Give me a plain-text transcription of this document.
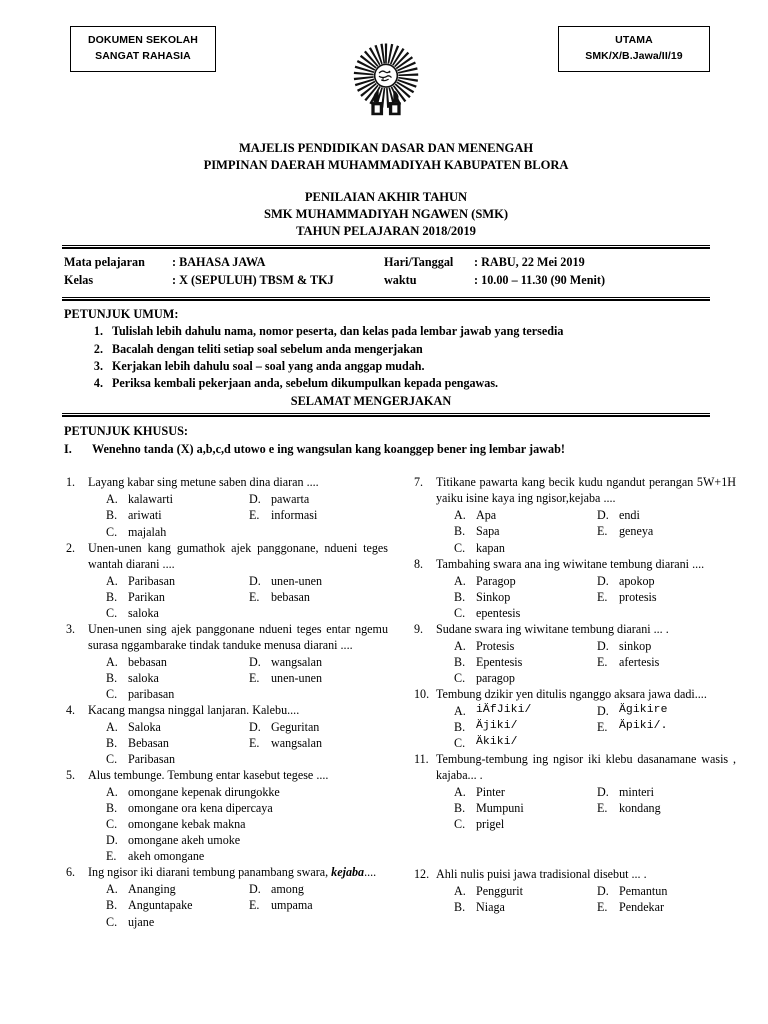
DOKUMEN SEKOLAH
SANGAT RAHASIA
UTAMA
SMK/X/B.Jawa/II/19
MAJELIS PENDIDIKAN DASAR DAN MENENGAH
PIMPINAN DAERAH MUHAMMADIYAH KABUPATEN BLORA
PENILAIAN AKHIR TAHUN
SMK MUHAMMADIYAH NGAWEN (SMK)
TAHUN PELAJARAN 2018/2019
Mata pelajaran	: BAHASA JAWA	Hari/Tanggal	: RABU, 22 Mei 2019
Kelas	: X (SEPULUH) TBSM & TKJ	waktu	: 10.00 – 11.30 (90 Menit)
PETUNJUK UMUM:
1. Tulislah lebih dahulu nama, nomor peserta, dan kelas pada lembar jawab yang tersedia
2. Bacalah dengan teliti setiap soal sebelum anda mengerjakan
3. Kerjakan lebih dahulu soal – soal yang anda anggap mudah.
4. Periksa kembali pekerjaan anda, sebelum dikumpulkan kepada pengawas.
SELAMAT MENGERJAKAN
PETUNJUK KHUSUS:
I.	Wenehno tanda (X) a,b,c,d utowo e ing wangsulan kang koanggep bener ing lembar jawab!
1.	Layang kabar sing metune saben dina diaran ....
A. kalawarti	D. pawarta
B. ariwati	E. informasi
C. majalah
2.	Unen-unen kang gumathok ajek panggonane, ndueni teges wantah diarani ....
A. Paribasan	D. unen-unen
B. Parikan	E. bebasan
C. saloka
3.	Unen-unen sing ajek panggonane ndueni teges entar ngemu surasa nggambarake tindak tanduke menusa diarani ....
A. bebasan	D. wangsalan
B. saloka	E. unen-unen
C. paribasan
4.	Kacang mangsa ninggal lanjaran. Kalebu....
A. Saloka	D. Geguritan
B. Bebasan	E. wangsalan
C. Paribasan
5.	Alus tembunge. Tembung entar kasebut tegese ....
A. omongane kepenak dirungokke
B. omongane ora kena dipercaya
C. omongane kebak makna
D. omongane akeh umoke
E. akeh omongane
6.	Ing ngisor iki diarani tembung panambang swara, kejaba....
A. Ananging	D. among
B. Anguntapake	E. umpama
C. ujane
7.	Titikane pawarta kang becik kudu ngandut perangan 5W+1H yaiku isine kaya ing ngisor,kejaba ....
A. Apa	D. endi
B. Sapa	E. geneya
C. kapan
8.	Tambahing swara ana ing wiwitane tembung diarani ....
A. Paragop	D. apokop
B. Sinkop	E. protesis
C. epentesis
9.	Sudane swara ing wiwitane tembung diarani ... .
A. Protesis	D. sinkop
B. Epentesis	E. afertesis
C. paragop
10. Tembung dzikir yen ditulis nganggo aksara jawa dadi....
A. iÄfJiki/	D. Ägikire
B. Äjiki/	E.	Äpiki/.
C. Äkiki/
11. Tembung-tembung ing ngisor iki klebu dasanamane wasis , kajaba... .
A. Pinter	D. minteri
B. Mumpuni	E. kondang
C. prigel
12. Ahli nulis puisi jawa tradisional disebut ... .
A. Penggurit	D. Pemantun
B. Niaga	E. Pendekar
